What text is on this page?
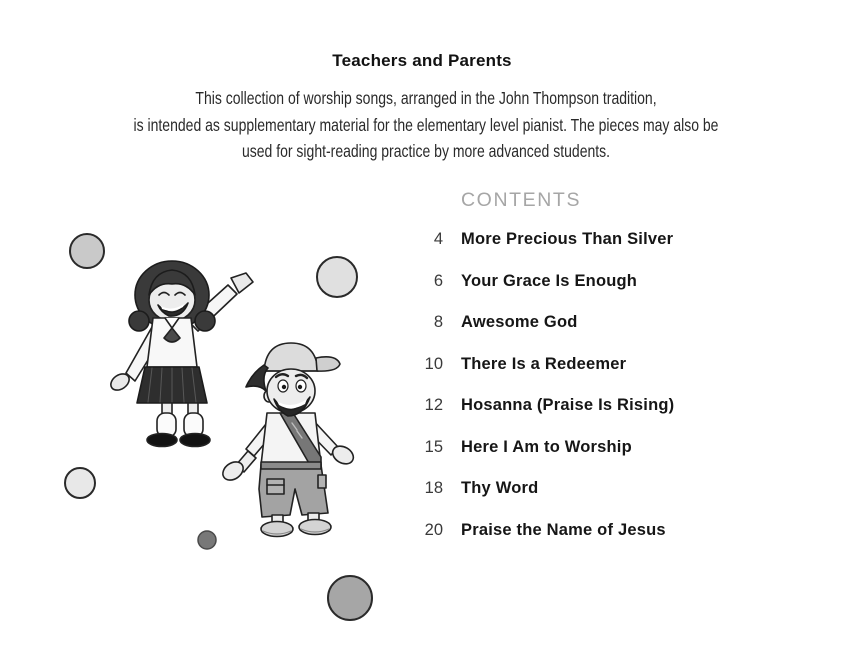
Teachers and Parents
This collection of worship songs, arranged in the John Thompson tradition,
is intended as supplementary material for the elementary level pianist. The pieces may also be
used for sight-reading practice by more advanced students.
CONTENTS
4 More Precious Than Silver
6 Your Grace Is Enough
8 Awesome God
10 There Is a Redeemer
12 Hosanna (Praise Is Rising)
15 Here I Am to Worship
18 Thy Word
20 Praise the Name of Jesus
